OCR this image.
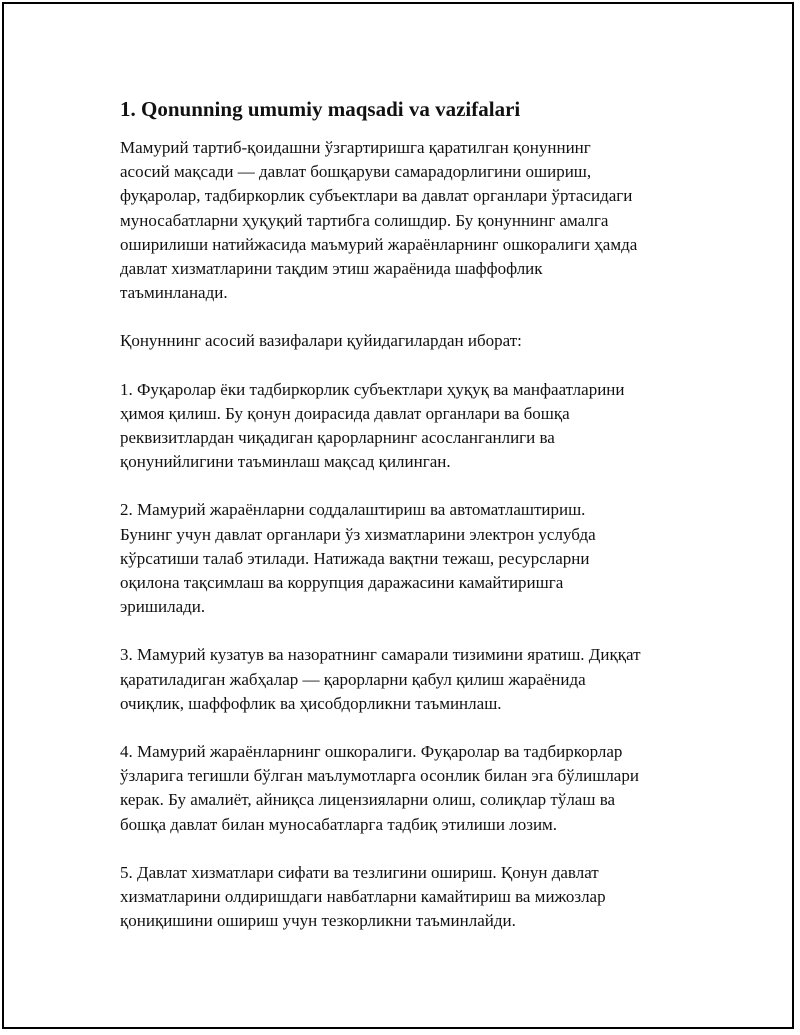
1. Qonunning umumiy maqsadi va vazifalari

Мамурий тартиб-қоидашни ўзгартиришга қаратилган қонуннинг
асосий мақсади — давлат бошқаруви самарадорлигини ошириш,
фуқаролар, тадбиркорлик субъектлари ва давлат органлари ўртасидаги
муносабатларни ҳуқуқий тартибга солишдир. Бу қонуннинг амалга
оширилиши натийжасида маъмурий жараёнларнинг ошкоралиги ҳамда
давлат хизматларини тақдим этиш жараёнида шаффофлик
таъминланади.

Қонуннинг асосий вазифалари қуйидагилардан иборат:

1. Фуқаролар ёки тадбиркорлик субъектлари ҳуқуқ ва манфаатларини
ҳимоя қилиш. Бу қонун доирасида давлат органлари ва бошқа
реквизитлардан чиқадиган қарорларнинг асосланганлиги ва
қонунийлигини таъминлаш мақсад қилинган.

2. Мамурий жараёнларни соддалаштириш ва автоматлаштириш.
Бунинг учун давлат органлари ўз хизматларини электрон услубда
кўрсатиши талаб этилади. Натижада вақтни тежаш, ресурсларни
оқилона тақсимлаш ва коррупция даражасини камайтиришга
эришилади.

3. Мамурий кузатув ва назоратнинг самарали тизимини яратиш. Диққат
қаратиладиган жабҳалар — қарорларни қабул қилиш жараёнида
очиқлик, шаффофлик ва ҳисобдорликни таъминлаш.

4. Мамурий жараёнларнинг ошкоралиги. Фуқаролар ва тадбиркорлар
ўзларига тегишли бўлган маълумотларга осонлик билан эга бўлишлари
керак. Бу амалиёт, айниқса лицензияларни олиш, солиқлар тўлаш ва
бошқа давлат билан муносабатларга тадбиқ этилиши лозим.

5. Давлат хизматлари сифати ва тезлигини ошириш. Қонун давлат
хизматларини олдиришдаги навбатларни камайтириш ва мижозлар
қониқишини ошириш учун тезкорликни таъминлайди.
